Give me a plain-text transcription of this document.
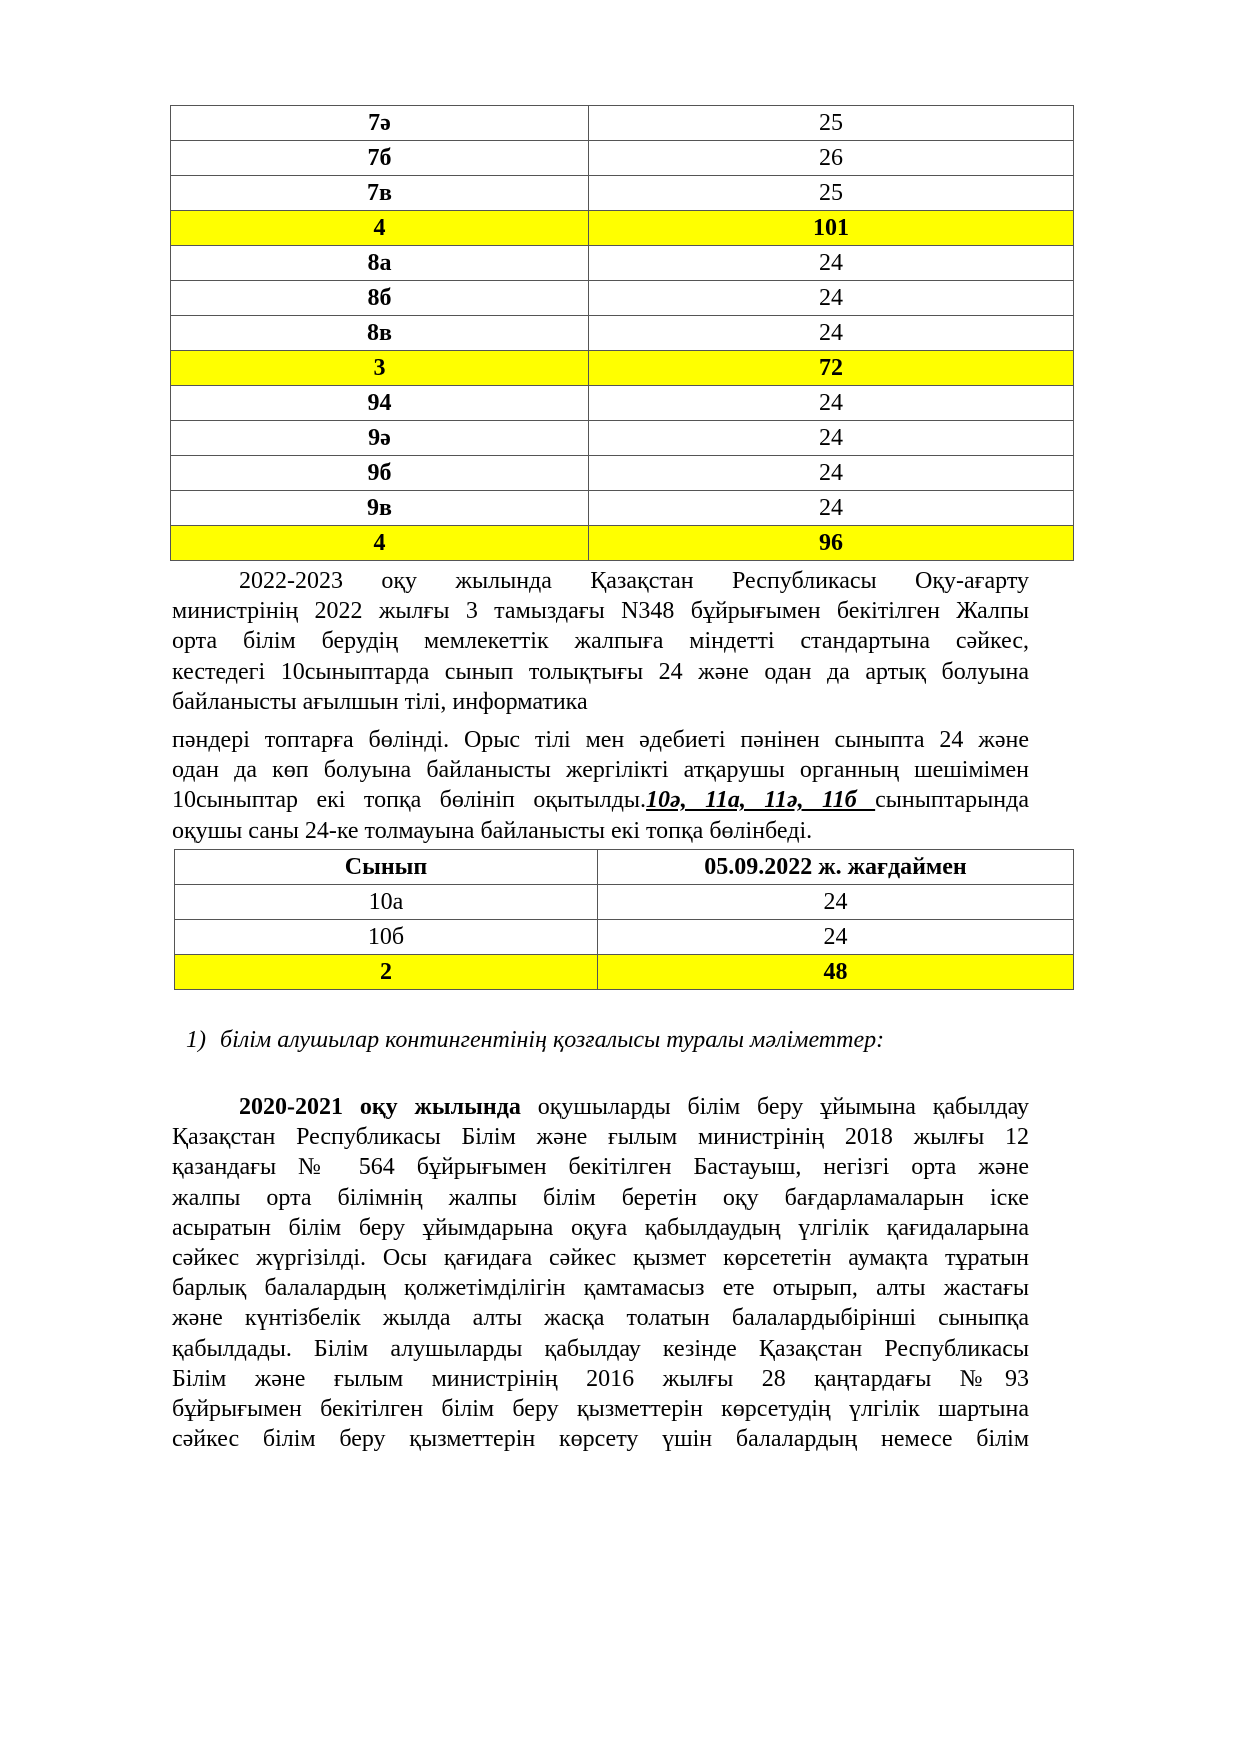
7ә	25
7б	26
7в	25
4	101
8а	24
8б	24
8в	24
3	72
94	24
9ә	24
9б	24
9в	24
4	96
2022-2023 оқу жылында Қазақстан Республикасы Оқу-ағарту
министрінің 2022 жылғы 3 тамыздағы N348 бұйрығымен бекітілген Жалпы
орта білім берудің мемлекеттік жалпыға міндетті стандартына сәйкес,
кестедегі 10сыныптарда сынып толықтығы 24 және одан да артық болуына
байланысты ағылшын тілі, информатика
пәндері топтарға бөлінді. Орыс тілі мен әдебиеті пәнінен сыныпта 24 және
одан да көп болуына байланысты жергілікті атқарушы органның шешімімен
10сыныптар екі топқа бөлініп оқытылды.10ә, 11а, 11ә, 11б сыныптарында
оқушы саны 24-ке толмауына байланысты екі топқа бөлінбеді.
Сынып	05.09.2022 ж. жағдаймен
10а	24
10б	24
2	48
1) білім алушылар контингентінің қозғалысы туралы мәліметтер:
2020-2021 оқу жылында оқушыларды білім беру ұйымына қабылдау
Қазақстан Республикасы Білім және ғылым министрінің 2018 жылғы 12
қазандағы № 564 бұйрығымен бекітілген Бастауыш, негізгі орта және
жалпы орта білімнің жалпы білім беретін оқу бағдарламаларын іске
асыратын білім беру ұйымдарына оқуға қабылдаудың үлгілік қағидаларына
сәйкес жүргізілді. Осы қағидаға сәйкес қызмет көрсететін аумақта тұратын
барлық балалардың қолжетімділігін қамтамасыз ете отырып, алты жастағы
және күнтізбелік жылда алты жасқа толатын балалардыбірінші сыныпқа
қабылдады. Білім алушыларды қабылдау кезінде Қазақстан Республикасы
Білім және ғылым министрінің 2016 жылғы 28 қаңтардағы №93
бұйрығымен бекітілген білім беру қызметтерін көрсетудің үлгілік шартына
сәйкес білім беру қызметтерін көрсету үшін балалардың немесе білім
